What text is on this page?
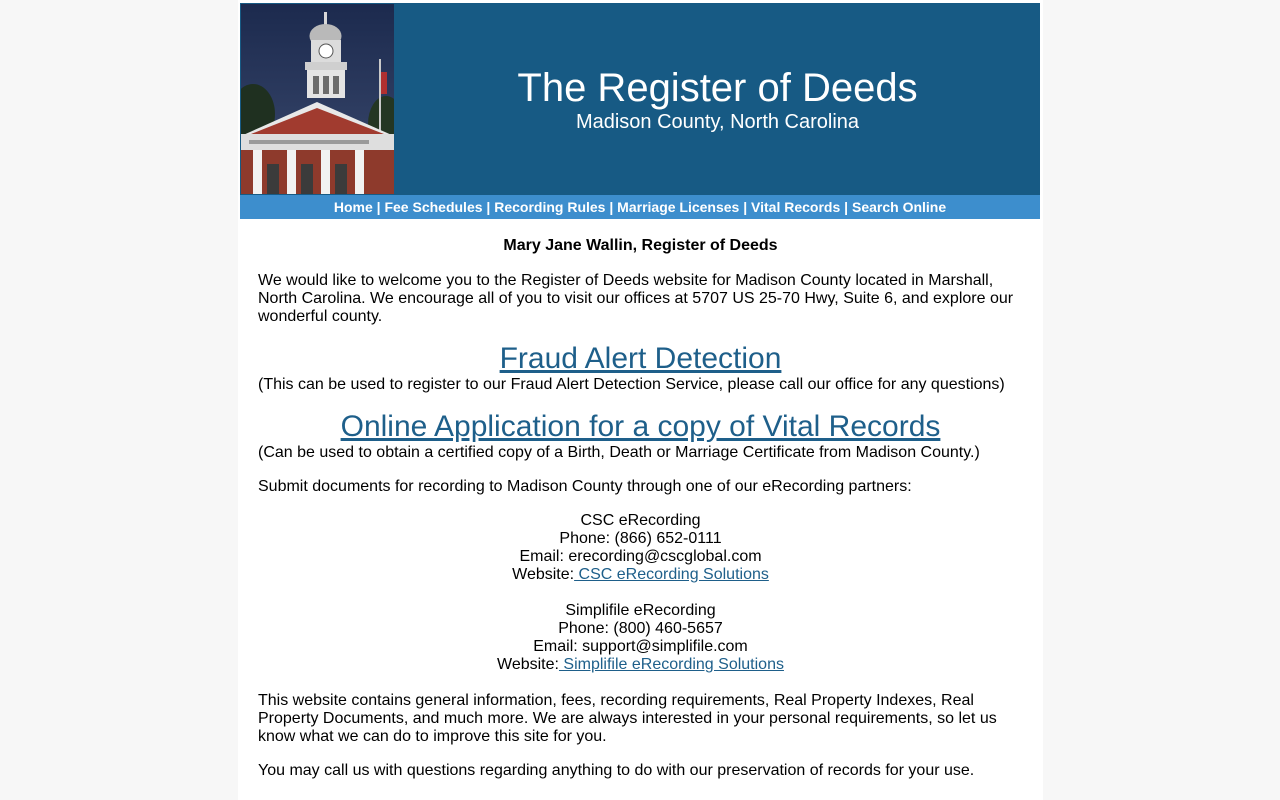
The Register of Deeds
Madison County, North Carolina
Home | Fee Schedules | Recording Rules | Marriage Licenses | Vital Records | Search Online

Mary Jane Wallin, Register of Deeds

We would like to welcome you to the Register of Deeds website for Madison County located in Marshall, North Carolina. We encourage all of you to visit our offices at 5707 US 25-70 Hwy, Suite 6, and explore our wonderful county.

Fraud Alert Detection

(This can be used to register to our Fraud Alert Detection Service, please call our office for any questions)

Online Application for a copy of Vital Records

(Can be used to obtain a certified copy of a Birth, Death or Marriage Certificate from Madison County.)

Submit documents for recording to Madison County through one of our eRecording partners:

CSC eRecording
Phone: (866) 652-0111
Email: erecording@cscglobal.com
Website: CSC eRecording Solutions
Simplifile eRecording
Phone: (800) 460-5657
Email: support@simplifile.com
Website: Simplifile eRecording Solutions

This website contains general information, fees, recording requirements, Real Property Indexes, Real Property Documents, and much more. We are always interested in your personal requirements, so let us know what we can do to improve this site for you.

You may call us with questions regarding anything to do with our preservation of records for your use.
